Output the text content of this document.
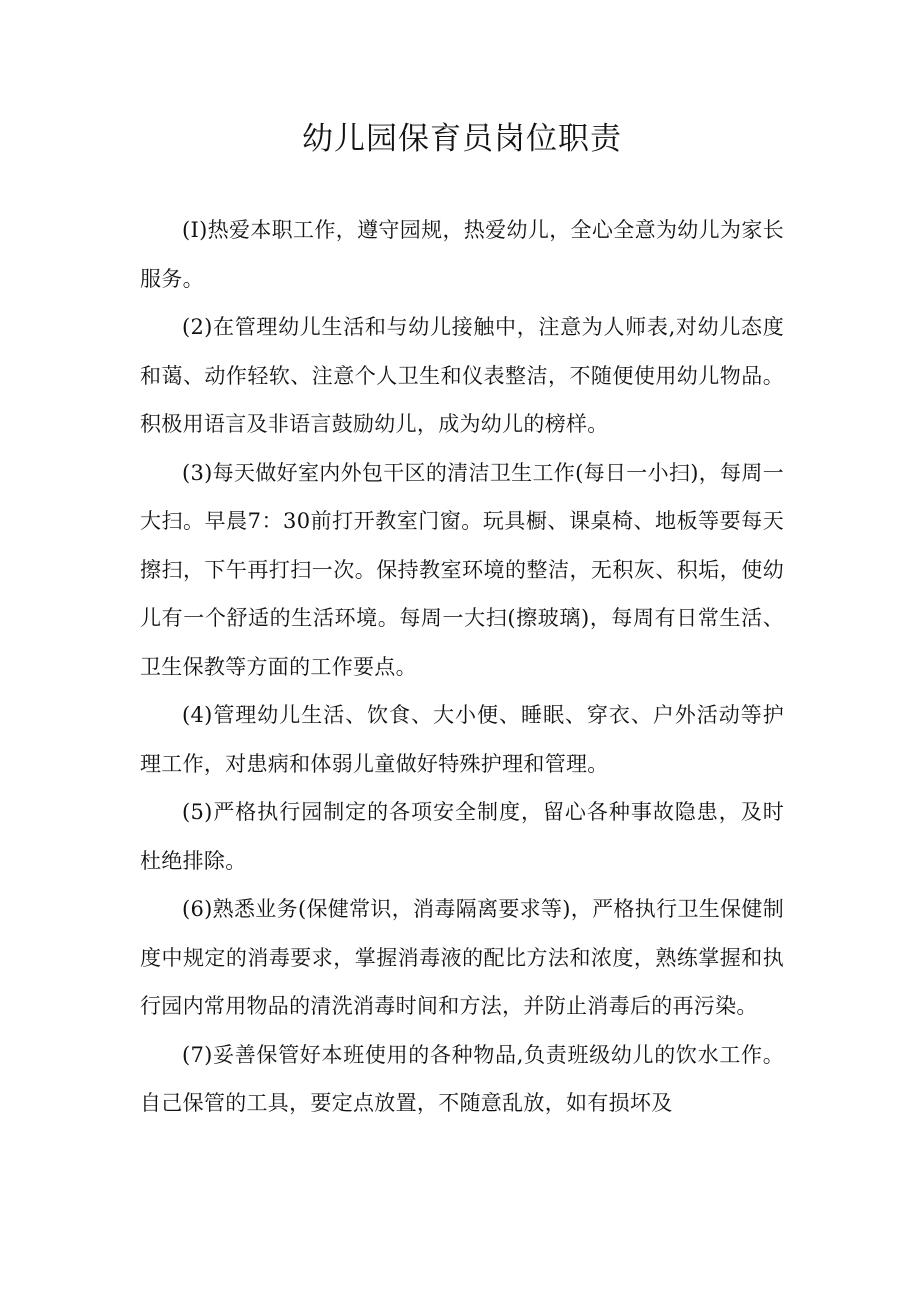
幼儿园保育员岗位职责

(I)热爱本职工作，遵守园规，热爱幼儿，全心全意为幼儿为家长服务。

(2)在管理幼儿生活和与幼儿接触中，注意为人师表,对幼儿态度和蔼、动作轻软、注意个人卫生和仪表整洁，不随便使用幼儿物品。积极用语言及非语言鼓励幼儿，成为幼儿的榜样。

(3)每天做好室内外包干区的清洁卫生工作(每日一小扫)，每周一大扫。早晨7：30前打开教室门窗。玩具橱、课桌椅、地板等要每天擦扫，下午再打扫一次。保持教室环境的整洁，无积灰、积垢，使幼儿有一个舒适的生活环境。每周一大扫(擦玻璃)，每周有日常生活、卫生保教等方面的工作要点。

(4)管理幼儿生活、饮食、大小便、睡眠、穿衣、户外活动等护理工作，对患病和体弱儿童做好特殊护理和管理。

(5)严格执行园制定的各项安全制度，留心各种事故隐患，及时杜绝排除。

(6)熟悉业务(保健常识，消毒隔离要求等)，严格执行卫生保健制度中规定的消毒要求，掌握消毒液的配比方法和浓度，熟练掌握和执行园内常用物品的清洗消毒时间和方法，并防止消毒后的再污染。

(7)妥善保管好本班使用的各种物品,负责班级幼儿的饮水工作。自己保管的工具，要定点放置，不随意乱放，如有损坏及
